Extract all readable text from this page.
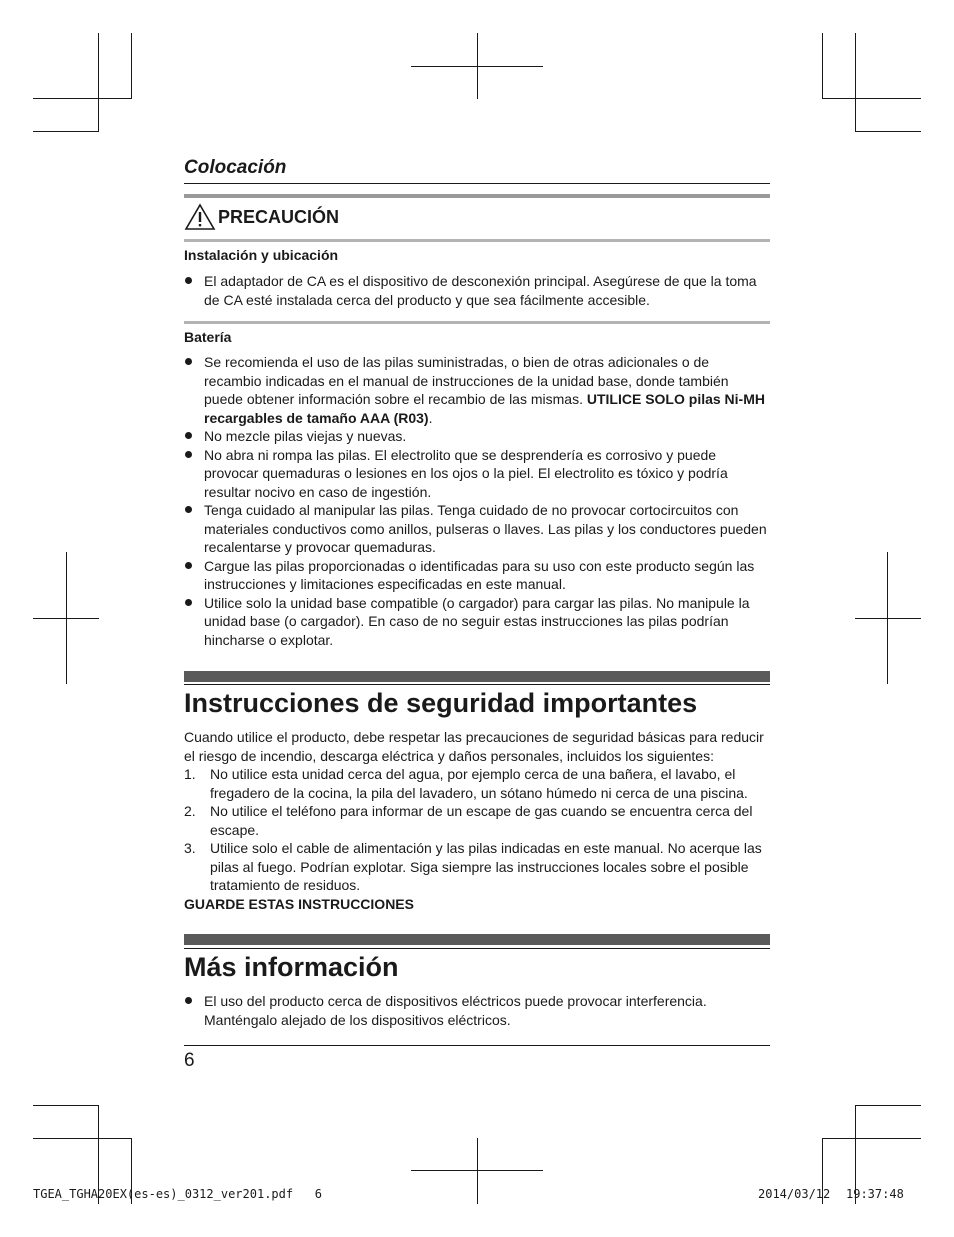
Colocación
PRECAUCIÓN
Instalación y ubicación
El adaptador de CA es el dispositivo de desconexión principal. Asegúrese de que la toma de CA esté instalada cerca del producto y que sea fácilmente accesible.
Batería
Se recomienda el uso de las pilas suministradas, o bien de otras adicionales o de recambio indicadas en el manual de instrucciones de la unidad base, donde también puede obtener información sobre el recambio de las mismas. UTILICE SOLO pilas Ni-MH recargables de tamaño AAA (R03).
No mezcle pilas viejas y nuevas.
No abra ni rompa las pilas. El electrolito que se desprendería es corrosivo y puede provocar quemaduras o lesiones en los ojos o la piel. El electrolito es tóxico y podría resultar nocivo en caso de ingestión.
Tenga cuidado al manipular las pilas. Tenga cuidado de no provocar cortocircuitos con materiales conductivos como anillos, pulseras o llaves. Las pilas y los conductores pueden recalentarse y provocar quemaduras.
Cargue las pilas proporcionadas o identificadas para su uso con este producto según las instrucciones y limitaciones especificadas en este manual.
Utilice solo la unidad base compatible (o cargador) para cargar las pilas. No manipule la unidad base (o cargador). En caso de no seguir estas instrucciones las pilas podrían hincharse o explotar.
Instrucciones de seguridad importantes
Cuando utilice el producto, debe respetar las precauciones de seguridad básicas para reducir el riesgo de incendio, descarga eléctrica y daños personales, incluidos los siguientes:
1. No utilice esta unidad cerca del agua, por ejemplo cerca de una bañera, el lavabo, el fregadero de la cocina, la pila del lavadero, un sótano húmedo ni cerca de una piscina.
2. No utilice el teléfono para informar de un escape de gas cuando se encuentra cerca del escape.
3. Utilice solo el cable de alimentación y las pilas indicadas en este manual. No acerque las pilas al fuego. Podrían explotar. Siga siempre las instrucciones locales sobre el posible tratamiento de residuos.
GUARDE ESTAS INSTRUCCIONES
Más información
El uso del producto cerca de dispositivos eléctricos puede provocar interferencia. Manténgalo alejado de los dispositivos eléctricos.
6
TGEA_TGHA20EX(es-es)_0312_ver201.pdf   6	2014/03/12 19:37:48
